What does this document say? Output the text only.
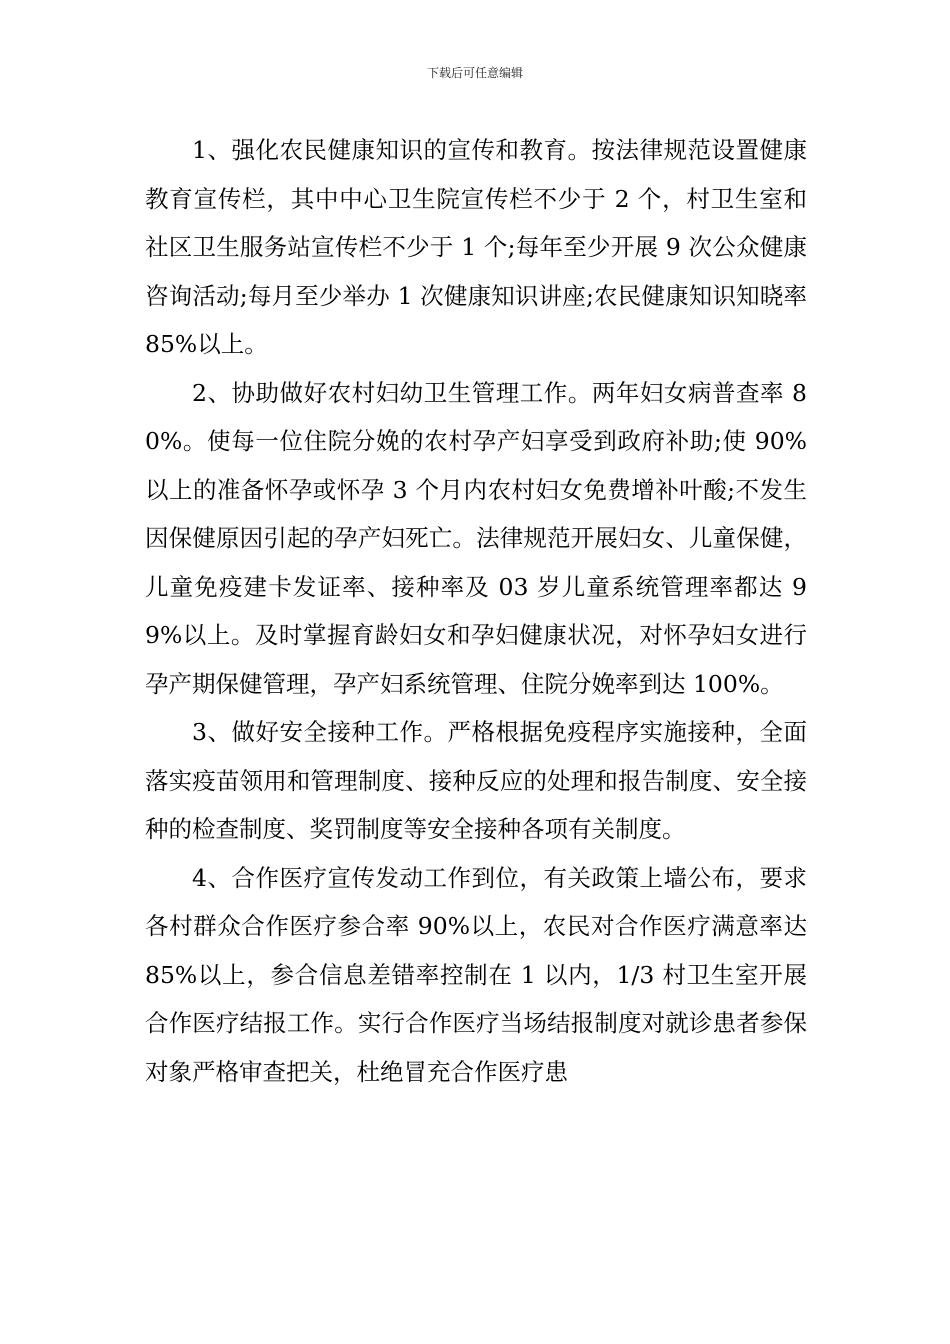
下载后可任意编辑

1、强化农民健康知识的宣传和教育。按法律规范设置健康教育宣传栏，其中中心卫生院宣传栏不少于 2 个，村卫生室和社区卫生服务站宣传栏不少于 1 个;每年至少开展 9 次公众健康咨询活动;每月至少举办 1 次健康知识讲座;农民健康知识知晓率 85%以上。

2、协助做好农村妇幼卫生管理工作。两年妇女病普查率 80%。使每一位住院分娩的农村孕产妇享受到政府补助;使 90%以上的准备怀孕或怀孕 3 个月内农村妇女免费增补叶酸;不发生因保健原因引起的孕产妇死亡。法律规范开展妇女、儿童保健，儿童免疫建卡发证率、接种率及 03 岁儿童系统管理率都达 99%以上。及时掌握育龄妇女和孕妇健康状况，对怀孕妇女进行孕产期保健管理，孕产妇系统管理、住院分娩率到达 100%。

3、做好安全接种工作。严格根据免疫程序实施接种，全面落实疫苗领用和管理制度、接种反应的处理和报告制度、安全接种的检查制度、奖罚制度等安全接种各项有关制度。

4、合作医疗宣传发动工作到位，有关政策上墙公布，要求各村群众合作医疗参合率 90%以上，农民对合作医疗满意率达 85%以上，参合信息差错率控制在 1 以内，1/3 村卫生室开展合作医疗结报工作。实行合作医疗当场结报制度对就诊患者参保对象严格审查把关，杜绝冒充合作医疗患
